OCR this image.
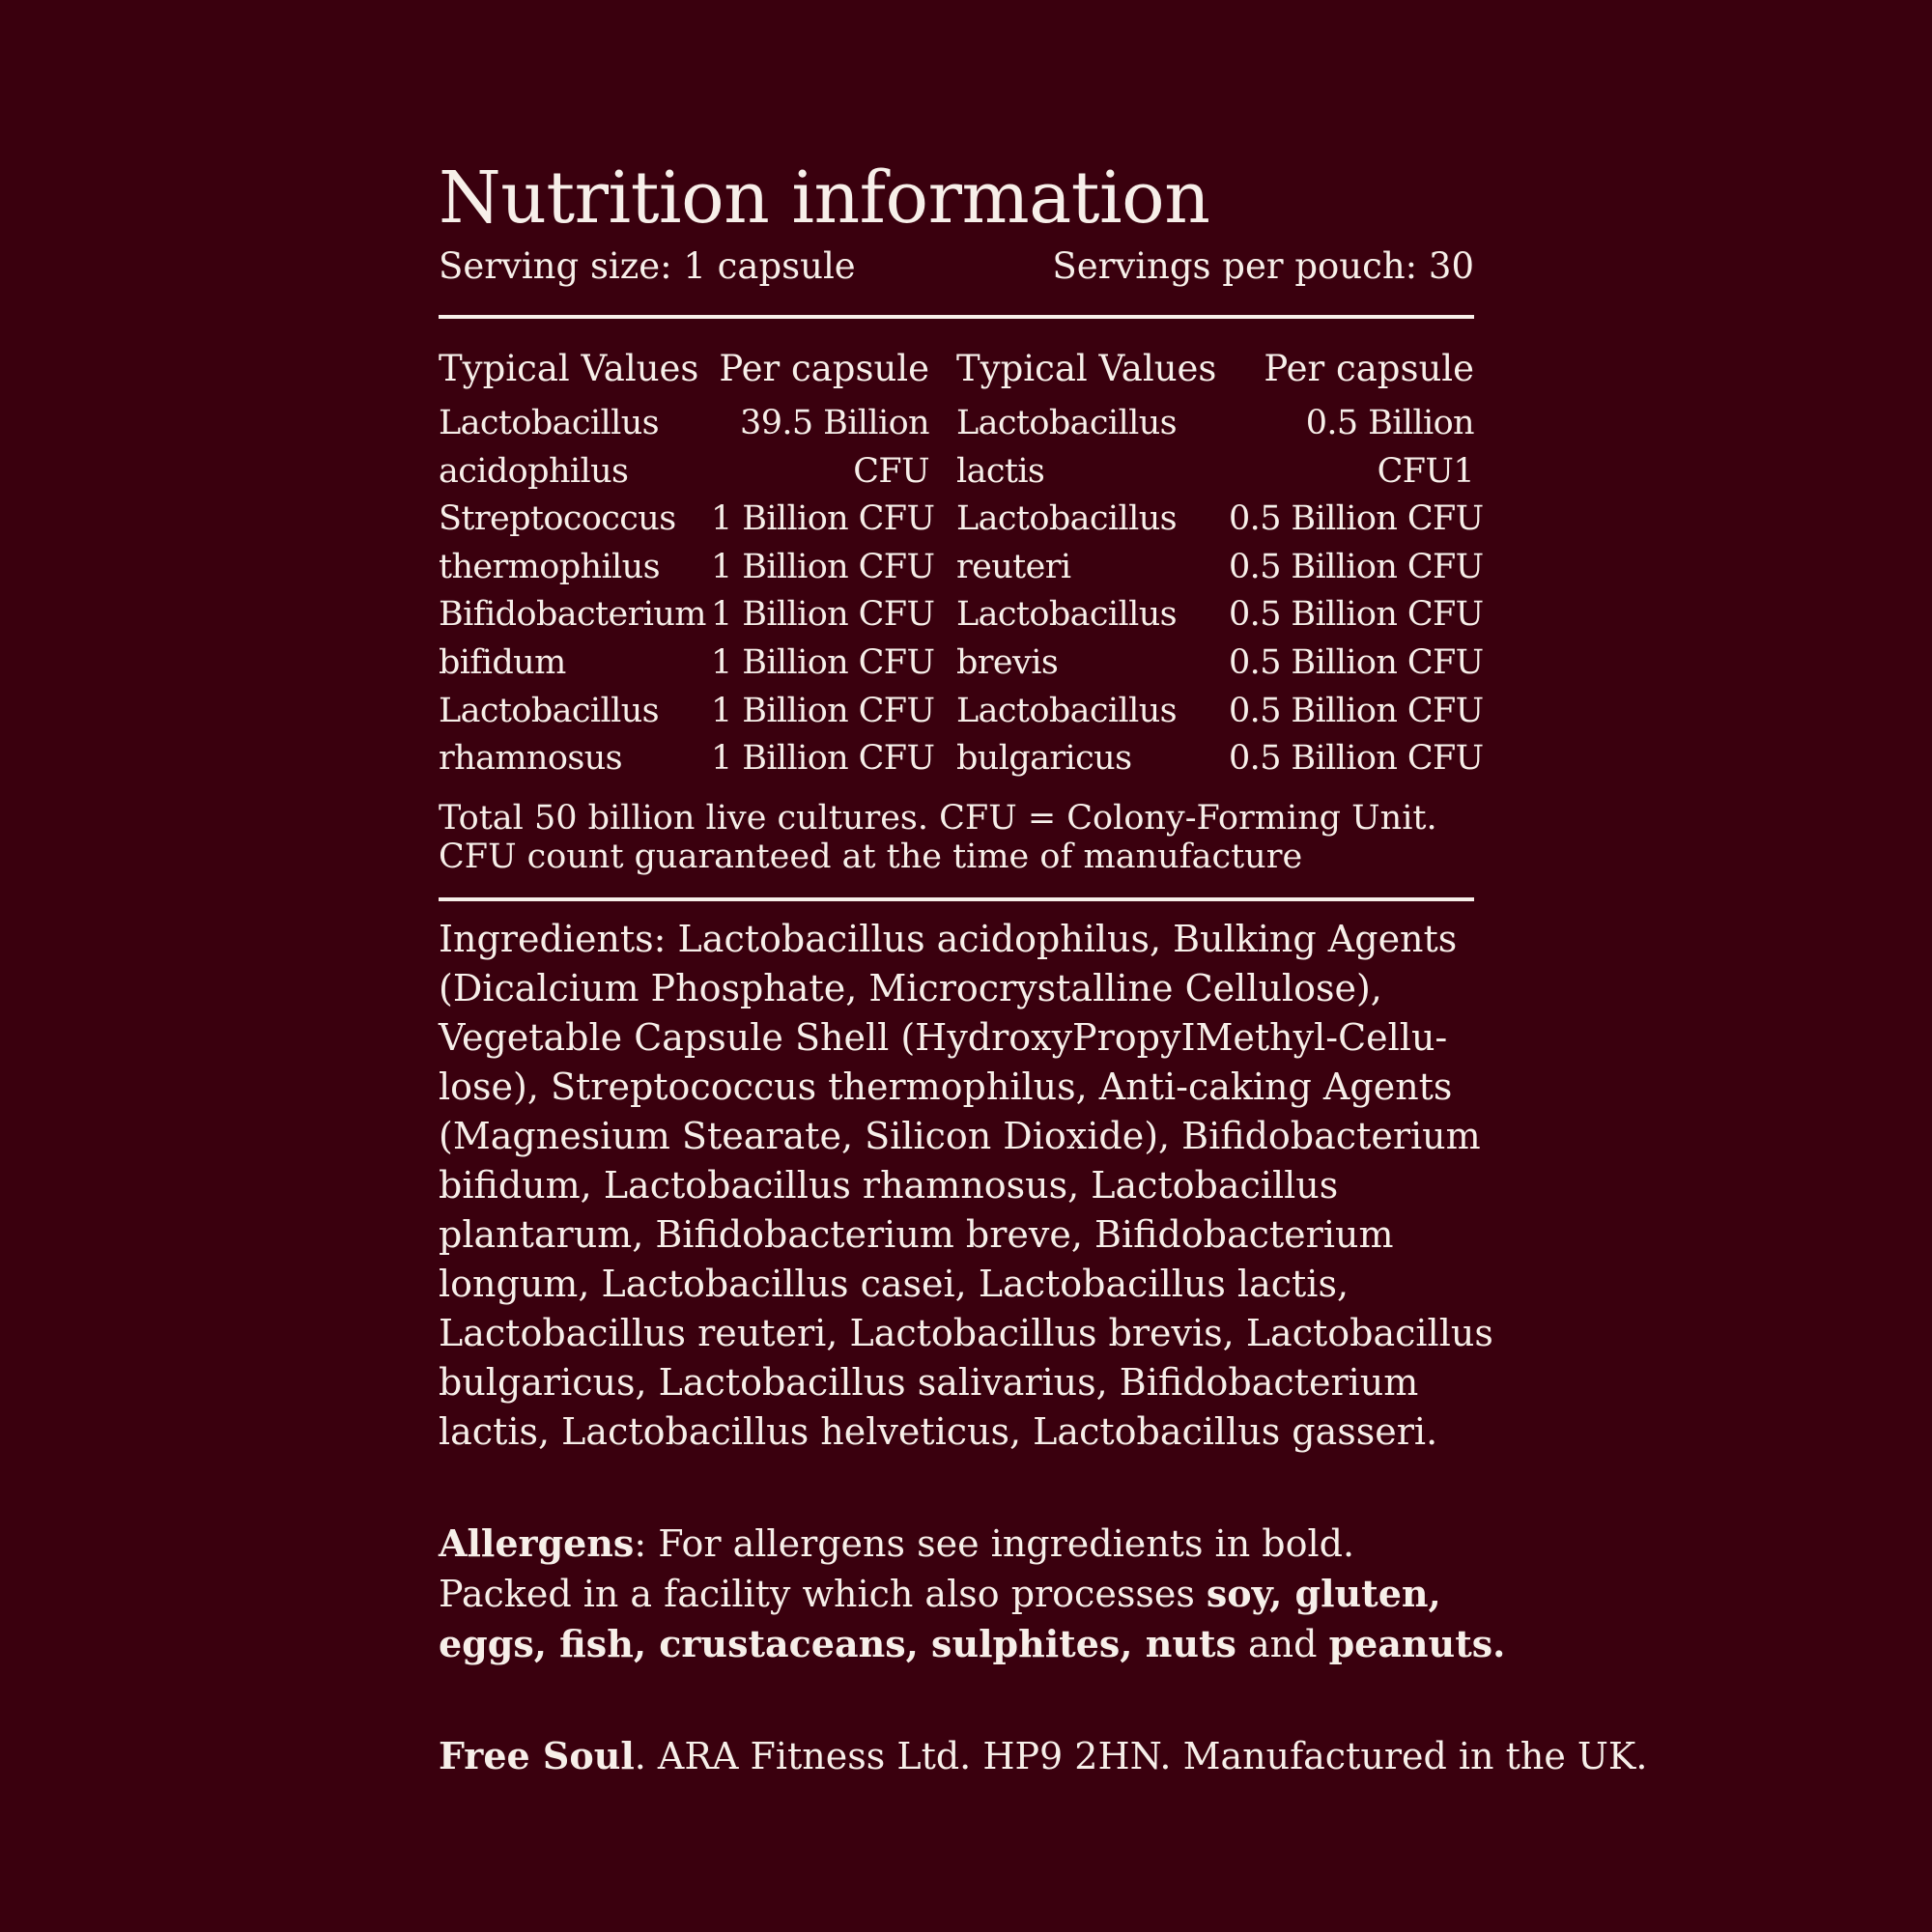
Nutrition information
Serving size: 1 capsule	Servings per pouch: 30
Typical Values Per capsule Typical Values	Per capsule
Lactobacillus	39.5 Billion Lactobacillus	0.5 Billion
acidophilus	CFU lactis	CFU1
Streptococcus	1 Billion CFU Lactobacillus	0.5 Billion CFU
thermophilus	1 Billion CFU reuteri	0.5 Billion CFU
Bifidobacterium 1 Billion CFU Lactobacillus	0.5 Billion CFU
bifidum	1 Billion CFU brevis	0.5 Billion CFU
Lactobacillus	1 Billion CFU Lactobacillus	0.5 Billion CFU
rhamnosus	1 Billion CFU bulgaricus	0.5 Billion CFU
Total 50 billion live cultures. CFU = Colony-Forming Unit.
CFU count guaranteed at the time of manufacture
Ingredients: Lactobacillus acidophilus, Bulking Agents
(Dicalcium Phosphate, Microcrystalline Cellulose),
Vegetable Capsule Shell (HydroxyPropyIMethyl-Cellu-
lose), Streptococcus thermophilus, Anti-caking Agents
(Magnesium Stearate, Silicon Dioxide), Bifidobacterium
bifidum, Lactobacillus rhamnosus, Lactobacillus
plantarum, Bifidobacterium breve, Bifidobacterium
longum, Lactobacillus casei, Lactobacillus lactis,
Lactobacillus reuteri, Lactobacillus brevis, Lactobacillus
bulgaricus, Lactobacillus salivarius, Bifidobacterium
lactis, Lactobacillus helveticus, Lactobacillus gasseri.
Allergens: For allergens see ingredients in bold.
Packed in a facility which also processes soy, gluten,
eggs, fish, crustaceans, sulphites, nuts and peanuts.
Free Soul. ARA Fitness Ltd. HP9 2HN. Manufactured in the UK.
